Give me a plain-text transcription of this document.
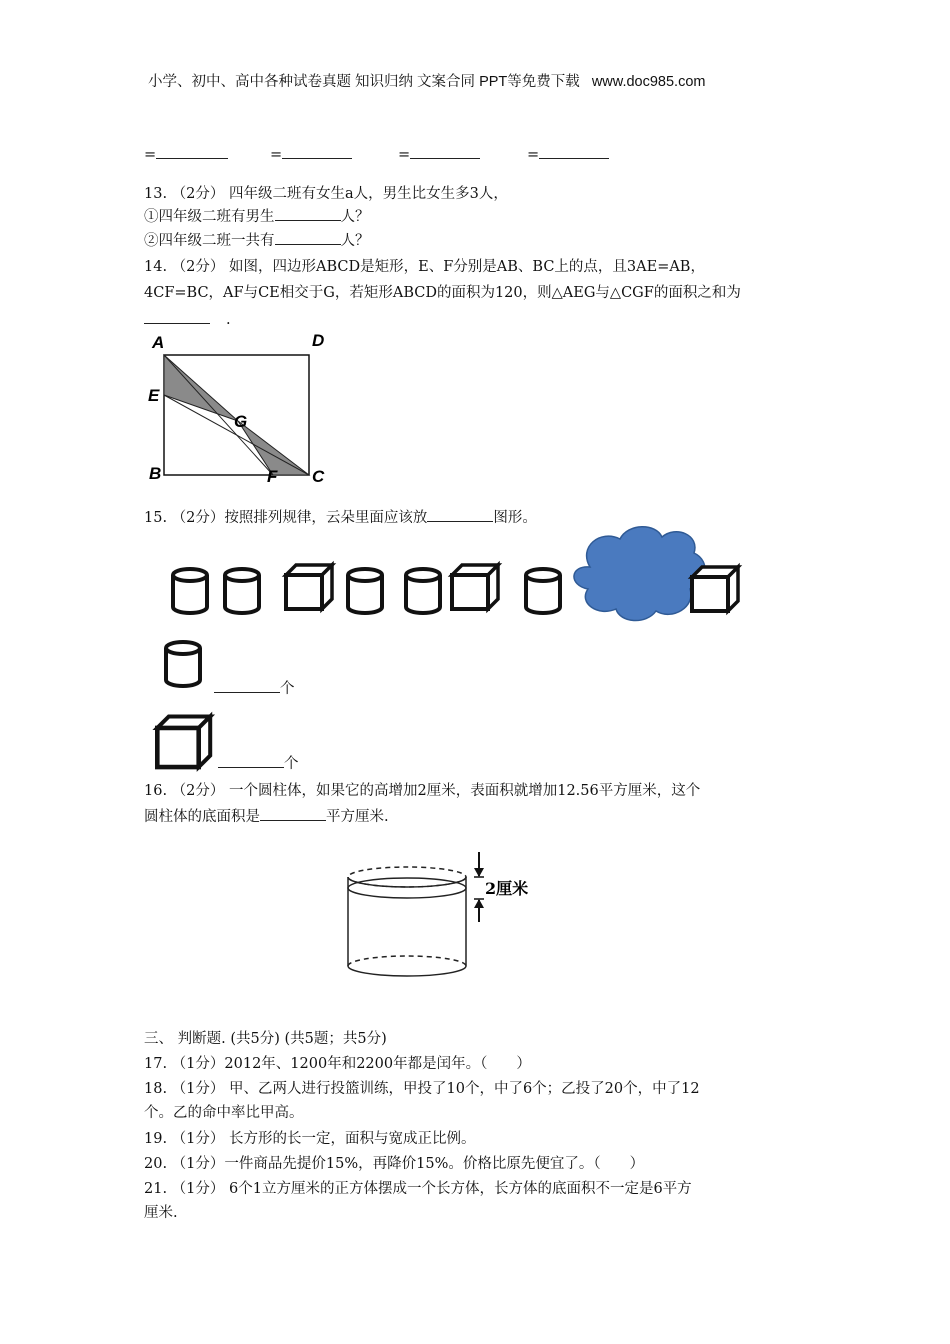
小学、初中、高中各种试卷真题 知识归纳 文案合同 PPT等免费下载 www.doc985.com
=	=	=	=
13. （2分） 四年级二班有女生a人，男生比女生多3人，
①四年级二班有男生	人？
②四年级二班一共有	人？
14. （2分） 如图，四边形ABCD是矩形，E、F分别是AB、BC上的点，且3AE=AB，
4CF=BC，AF与CE相交于G，若矩形ABCD的面积为120，则△AEG与△CGF的面积之和为
.
A	D
E
G
B	F C
15. （2分）按照排列规律，云朵里面应该放	图形。
个
个
16. （2分） 一个圆柱体，如果它的高增加2厘米，表面积就增加12.56平方厘米，这个
圆柱体的底面积是	平方厘米.
2厘米
三、 判断题. (共5分) (共5题；共5分)
17. （1分）2012年、1200年和2200年都是闰年。（　　）
18. （1分） 甲、乙两人进行投篮训练，甲投了10个，中了6个；乙投了20个，中了12
个。乙的命中率比甲高。
19. （1分） 长方形的长一定，面积与宽成正比例。
20. （1分）一件商品先提价15%，再降价15%。价格比原先便宜了。（　　）
21. （1分） 6个1立方厘米的正方体摆成一个长方体，长方体的底面积不一定是6平方
厘米.
